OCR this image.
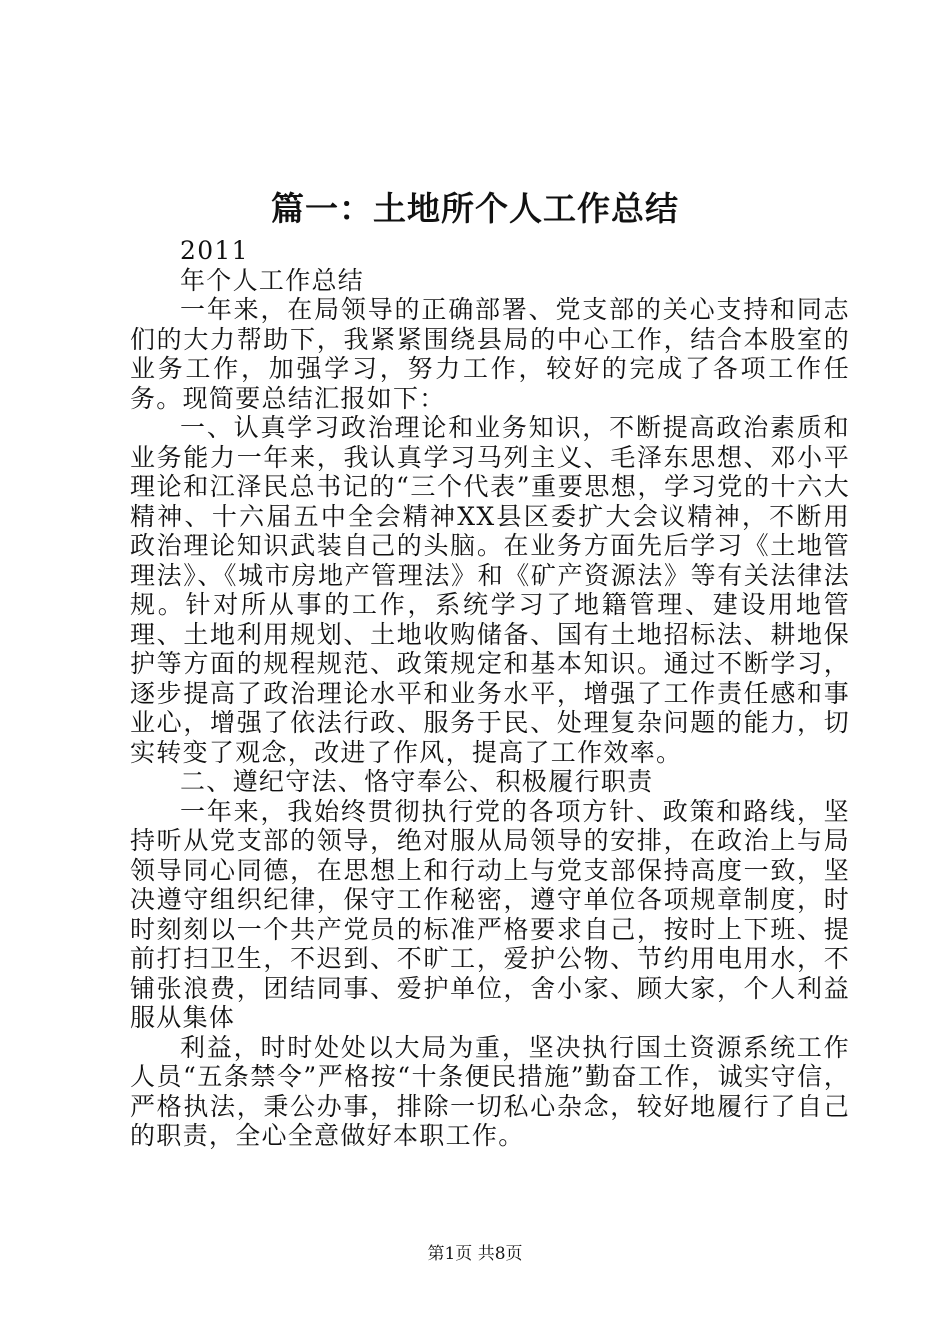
篇一：土地所个人工作总结

2011

年个人工作总结

一年来，在局领导的正确部署、党支部的关心支持和同志们的大力帮助下，我紧紧围绕县局的中心工作，结合本股室的业务工作，加强学习，努力工作，较好的完成了各项工作任务。现简要总结汇报如下：

一、认真学习政治理论和业务知识，不断提高政治素质和业务能力一年来，我认真学习马列主义、毛泽东思想、邓小平理论和江泽民总书记的“三个代表”重要思想，学习党的十六大精神、十六届五中全会精神XX县区委扩大会议精神，不断用政治理论知识武装自己的头脑。在业务方面先后学习《土地管理法》、《城市房地产管理法》和《矿产资源法》等有关法律法规。针对所从事的工作，系统学习了地籍管理、建设用地管理、土地利用规划、土地收购储备、国有土地招标法、耕地保护等方面的规程规范、政策规定和基本知识。通过不断学习，逐步提高了政治理论水平和业务水平，增强了工作责任感和事业心，增强了依法行政、服务于民、处理复杂问题的能力，切实转变了观念，改进了作风，提高了工作效率。

二、遵纪守法、恪守奉公、积极履行职责

一年来，我始终贯彻执行党的各项方针、政策和路线，坚持听从党支部的领导，绝对服从局领导的安排，在政治上与局领导同心同德，在思想上和行动上与党支部保持高度一致，坚决遵守组织纪律，保守工作秘密，遵守单位各项规章制度，时时刻刻以一个共产党员的标准严格要求自己，按时上下班、提前打扫卫生，不迟到、不旷工，爱护公物、节约用电用水，不铺张浪费，团结同事、爱护单位，舍小家、顾大家，个人利益服从集体

利益，时时处处以大局为重，坚决执行国土资源系统工作人员“五条禁令”严格按“十条便民措施”勤奋工作，诚实守信，严格执法，秉公办事，排除一切私心杂念，较好地履行了自己的职责，全心全意做好本职工作。

第1页 共8页
